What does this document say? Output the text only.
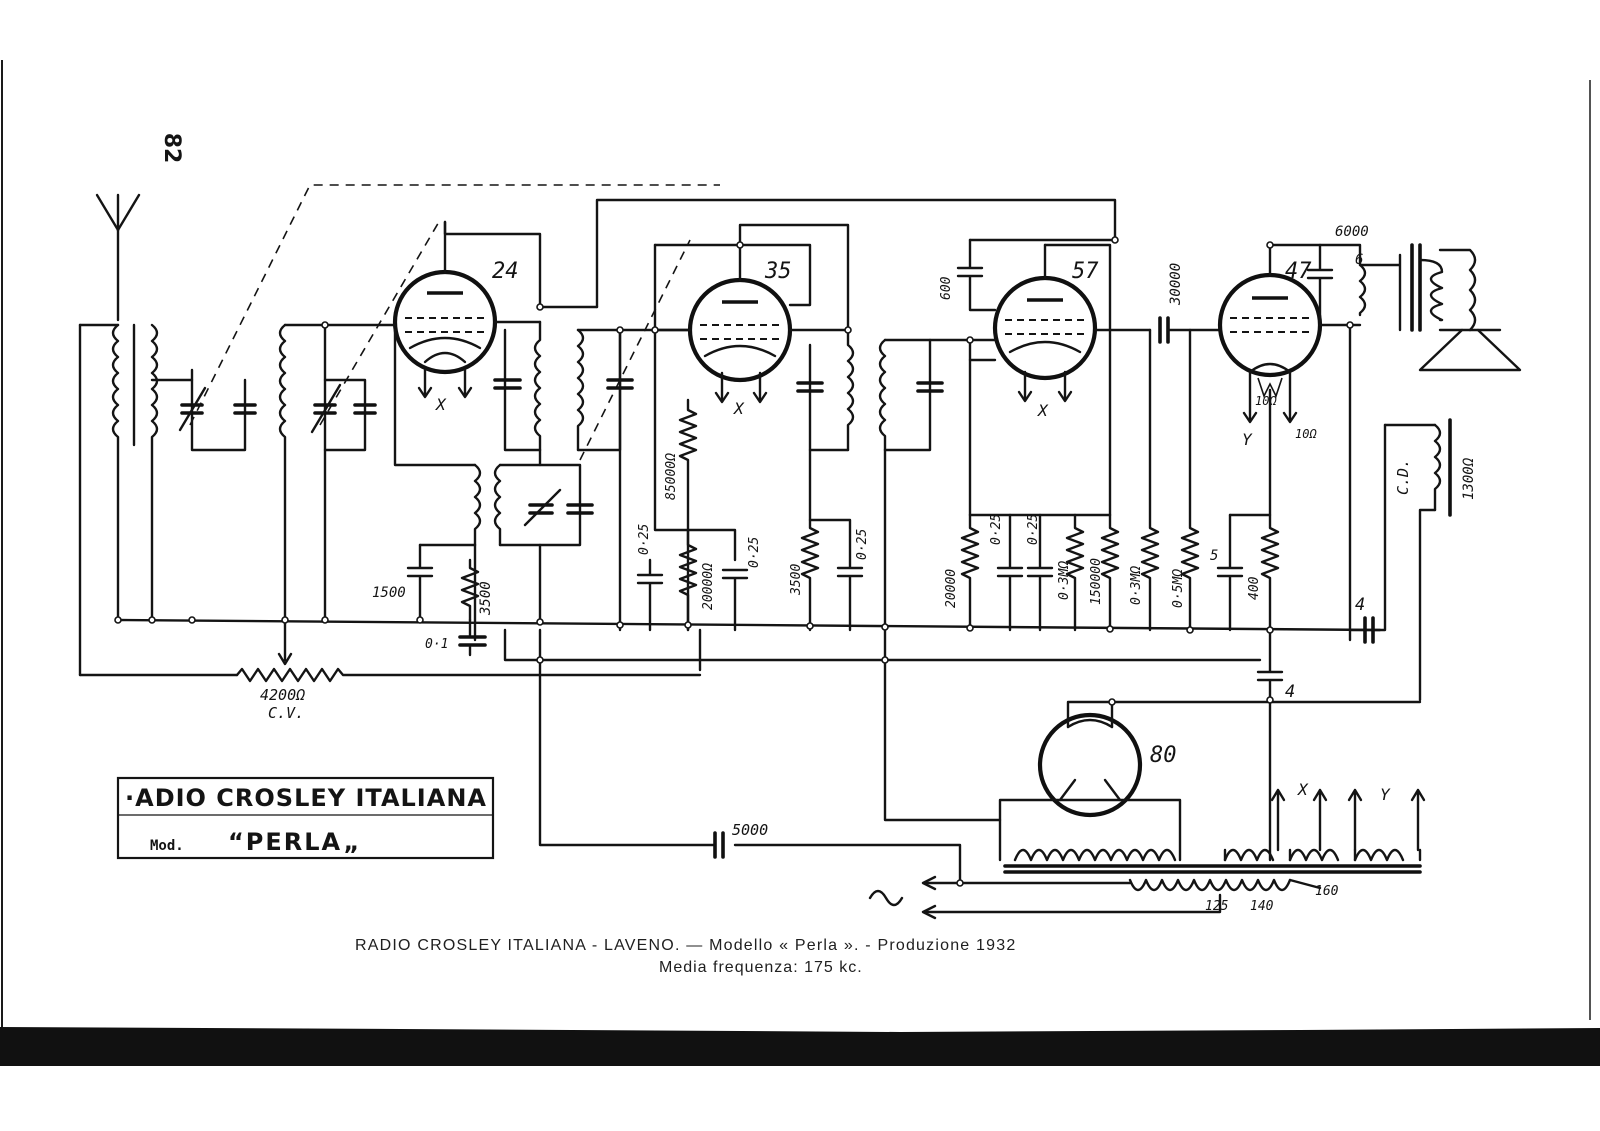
82
24
X
1500	3500
0·1
35
X
0·25
85000Ω
20000Ω
0·25
3500
0·25
57
X
600
20000
0·25 0·25
0·3MΩ 150000 0·3MΩ
30000
0·5MΩ
47
10Ω
10Ω
Y
5
400
6000
6
C.D.	1300Ω
4
4200Ω
C.V.
5000
4
80
X	Y
125 140
160
·ADIO CROSLEY ITALIANA
Mod. “PERLA„
RADIO CROSLEY ITALIANA - LAVENO. — Modello « Perla ». - Produzione 1932
Media frequenza: 175 kc.
